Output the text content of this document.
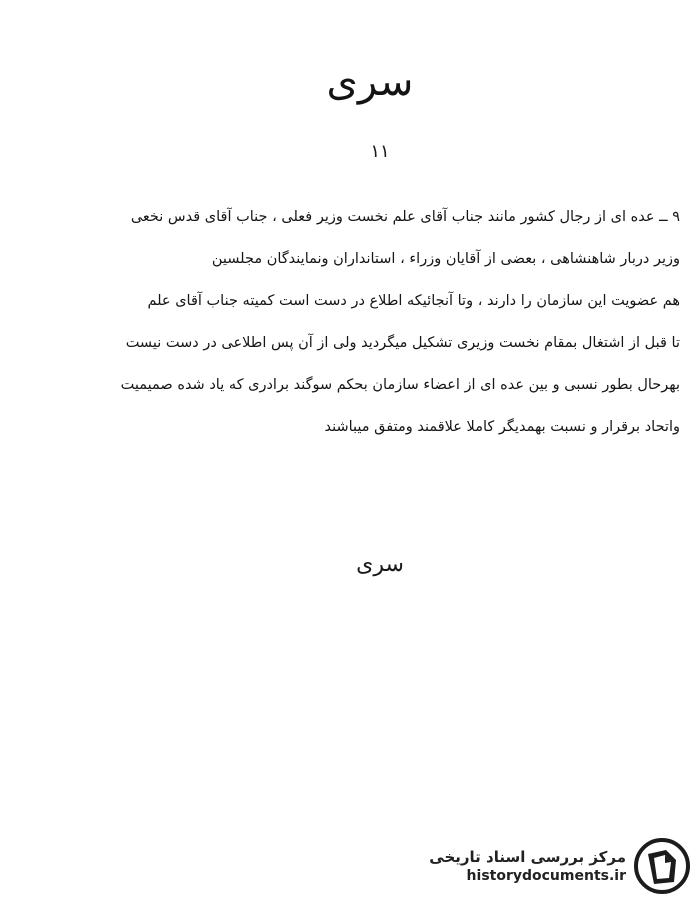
سری
۱۱
۹ ــ عده ‌ای از رجال کشور مانند جناب آقای علم نخست وزیر فعلی ، جناب آقای قدس نخعی
وزیر دربار شاهنشاهی ، بعضی از آقایان وزراء ، استانداران ونمایندگان مجلسین
هم عضویت این سازمان را دارند ، وتا آنجائیکه اطلاع در دست است کمیته جناب آقای علم
تا قبل از اشتغال بمقام نخست وزیری تشکیل میگردید ولی از آن پس اطلاعی در دست نیست
بهرحال بطور نسبی و بین عده ای از اعضاء سازمان بحکم سوگند برادری که یاد شده صمیمیت
واتحاد برقرار و نسبت بهمدیگر کاملا علاقمند ومتفق میباشند
سری
مرکز بررسی اسناد تاریخی
historydocuments.ir
